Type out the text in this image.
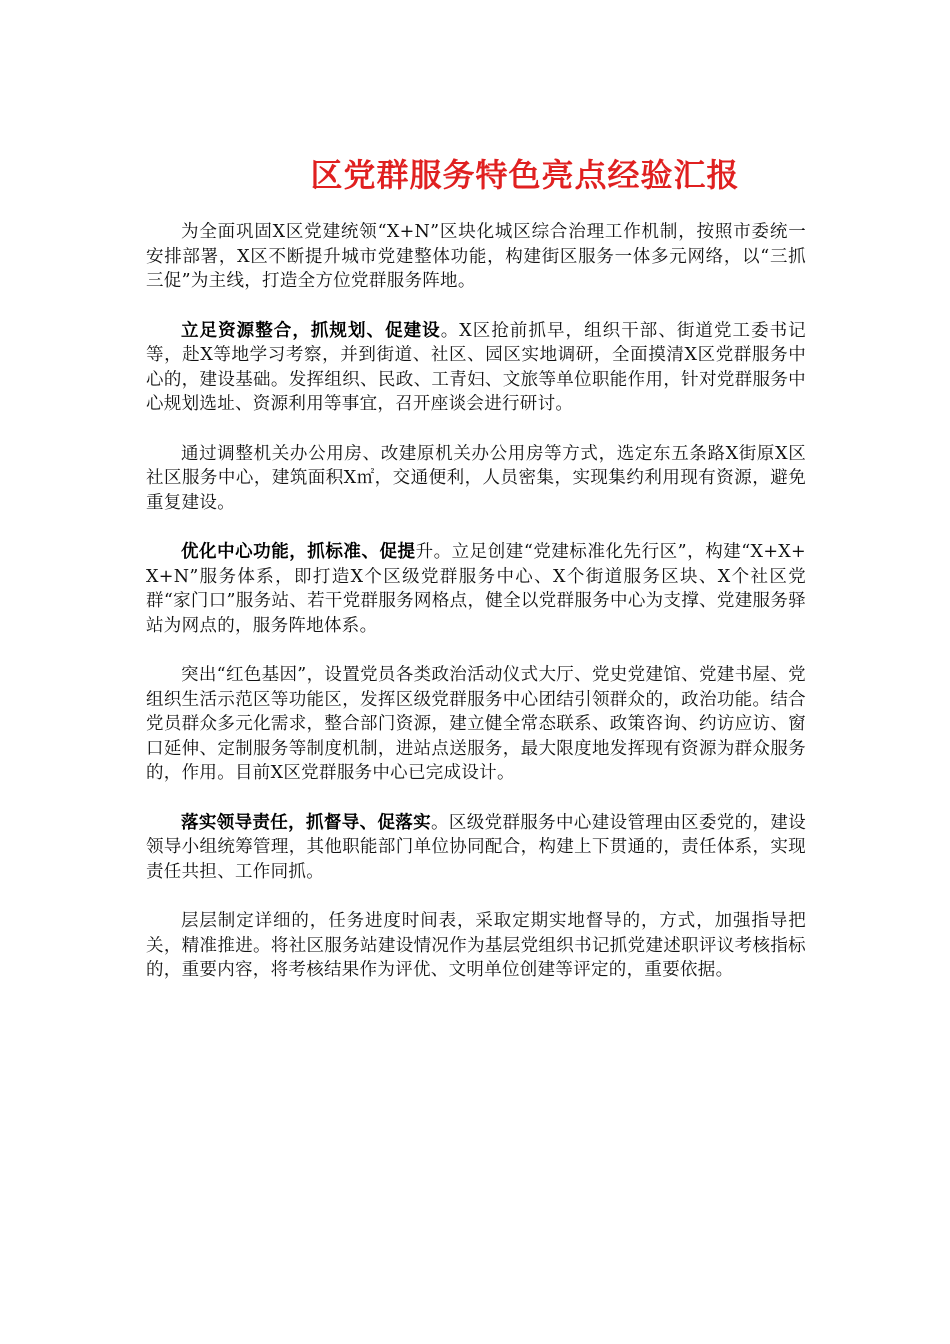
区党群服务特色亮点经验汇报

为全面巩固X区党建统领“X+N”区块化城区综合治理工作机制，按照市委统一安排部署，X区不断提升城市党建整体功能，构建街区服务一体多元网络，以“三抓三促”为主线，打造全方位党群服务阵地。

立足资源整合，抓规划、促建设。X区抢前抓早，组织干部、街道党工委书记等，赴X等地学习考察，并到街道、社区、园区实地调研，全面摸清X区党群服务中心的，建设基础。发挥组织、民政、工青妇、文旅等单位职能作用，针对党群服务中心规划选址、资源利用等事宜，召开座谈会进行研讨。

通过调整机关办公用房、改建原机关办公用房等方式，选定东五条路X街原X区社区服务中心，建筑面积X㎡，交通便利，人员密集，实现集约利用现有资源，避免重复建设。

优化中心功能，抓标准、促提升。立足创建“党建标准化先行区”，构建“X+X+X+N”服务体系，即打造X个区级党群服务中心、X个街道服务区块、X个社区党群“家门口”服务站、若干党群服务网格点，健全以党群服务中心为支撑、党建服务驿站为网点的，服务阵地体系。

突出“红色基因”，设置党员各类政治活动仪式大厅、党史党建馆、党建书屋、党组织生活示范区等功能区，发挥区级党群服务中心团结引领群众的，政治功能。结合党员群众多元化需求，整合部门资源，建立健全常态联系、政策咨询、约访应访、窗口延伸、定制服务等制度机制，进站点送服务，最大限度地发挥现有资源为群众服务的，作用。目前X区党群服务中心已完成设计。

落实领导责任，抓督导、促落实。区级党群服务中心建设管理由区委党的，建设领导小组统筹管理，其他职能部门单位协同配合，构建上下贯通的，责任体系，实现责任共担、工作同抓。

层层制定详细的，任务进度时间表，采取定期实地督导的，方式，加强指导把关，精准推进。将社区服务站建设情况作为基层党组织书记抓党建述职评议考核指标的，重要内容，将考核结果作为评优、文明单位创建等评定的，重要依据。
